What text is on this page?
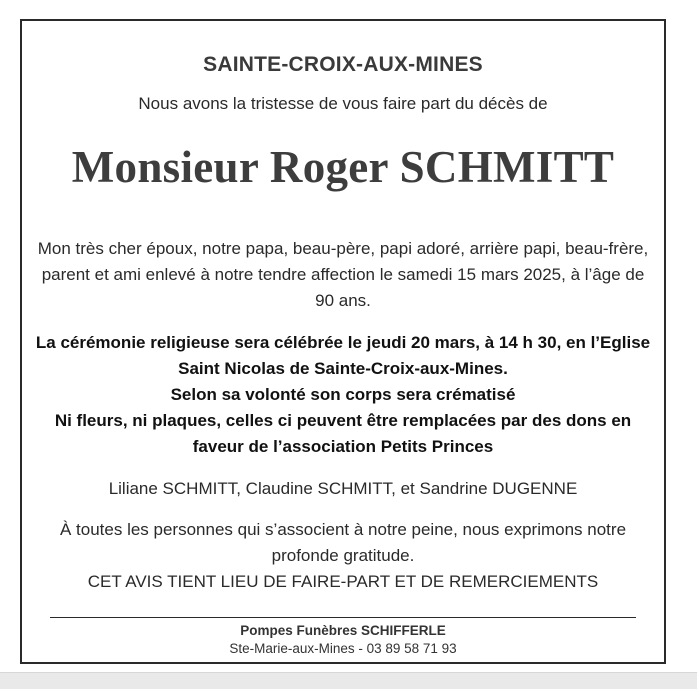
SAINTE-CROIX-AUX-MINES
Nous avons la tristesse de vous faire part du décès de
Monsieur Roger SCHMITT
Mon très cher époux, notre papa, beau-père, papi adoré, arrière papi, beau-frère, parent et ami enlevé à notre tendre affection le samedi 15 mars 2025, à l’âge de 90 ans.
La cérémonie religieuse sera célébrée le jeudi 20 mars, à 14 h 30, en l’Eglise Saint Nicolas de Sainte-Croix-aux-Mines.
Selon sa volonté son corps sera crématisé
Ni fleurs, ni plaques, celles ci peuvent être remplacées par des dons en faveur de l’association Petits Princes
Liliane SCHMITT, Claudine SCHMITT, et Sandrine DUGENNE
À toutes les personnes qui s’associent à notre peine, nous exprimons notre profonde gratitude.
CET AVIS TIENT LIEU DE FAIRE-PART ET DE REMERCIEMENTS
Pompes Funèbres SCHIFFERLE
Ste-Marie-aux-Mines - 03 89 58 71 93
